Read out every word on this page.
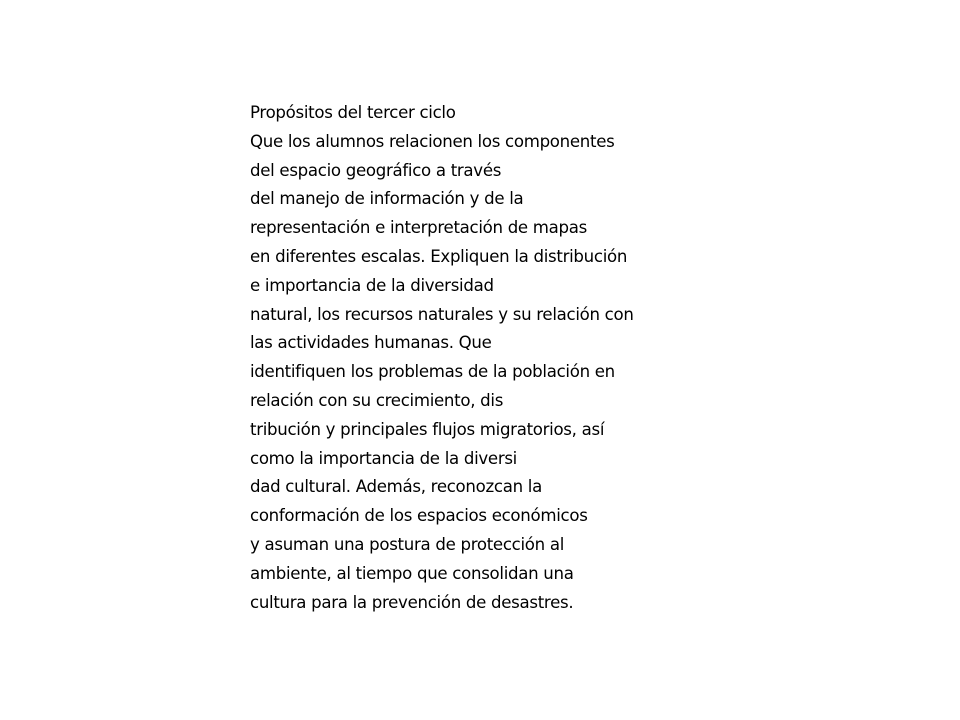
Propósitos del tercer ciclo
Que los alumnos relacionen los componentes
del espacio geográfico a través
del manejo de información y de la
representación e interpretación de mapas
en diferentes escalas. Expliquen la distribución
e importancia de la diversidad
natural, los recursos naturales y su relación con
las actividades humanas. Que
identifiquen los problemas de la población en
relación con su crecimiento, dis
tribución y principales flujos migratorios, así
como la importancia de la diversi
dad cultural. Además, reconozcan la
conformación de los espacios económicos
y asuman una postura de protección al
ambiente, al tiempo que consolidan una
cultura para la prevención de desastres.
